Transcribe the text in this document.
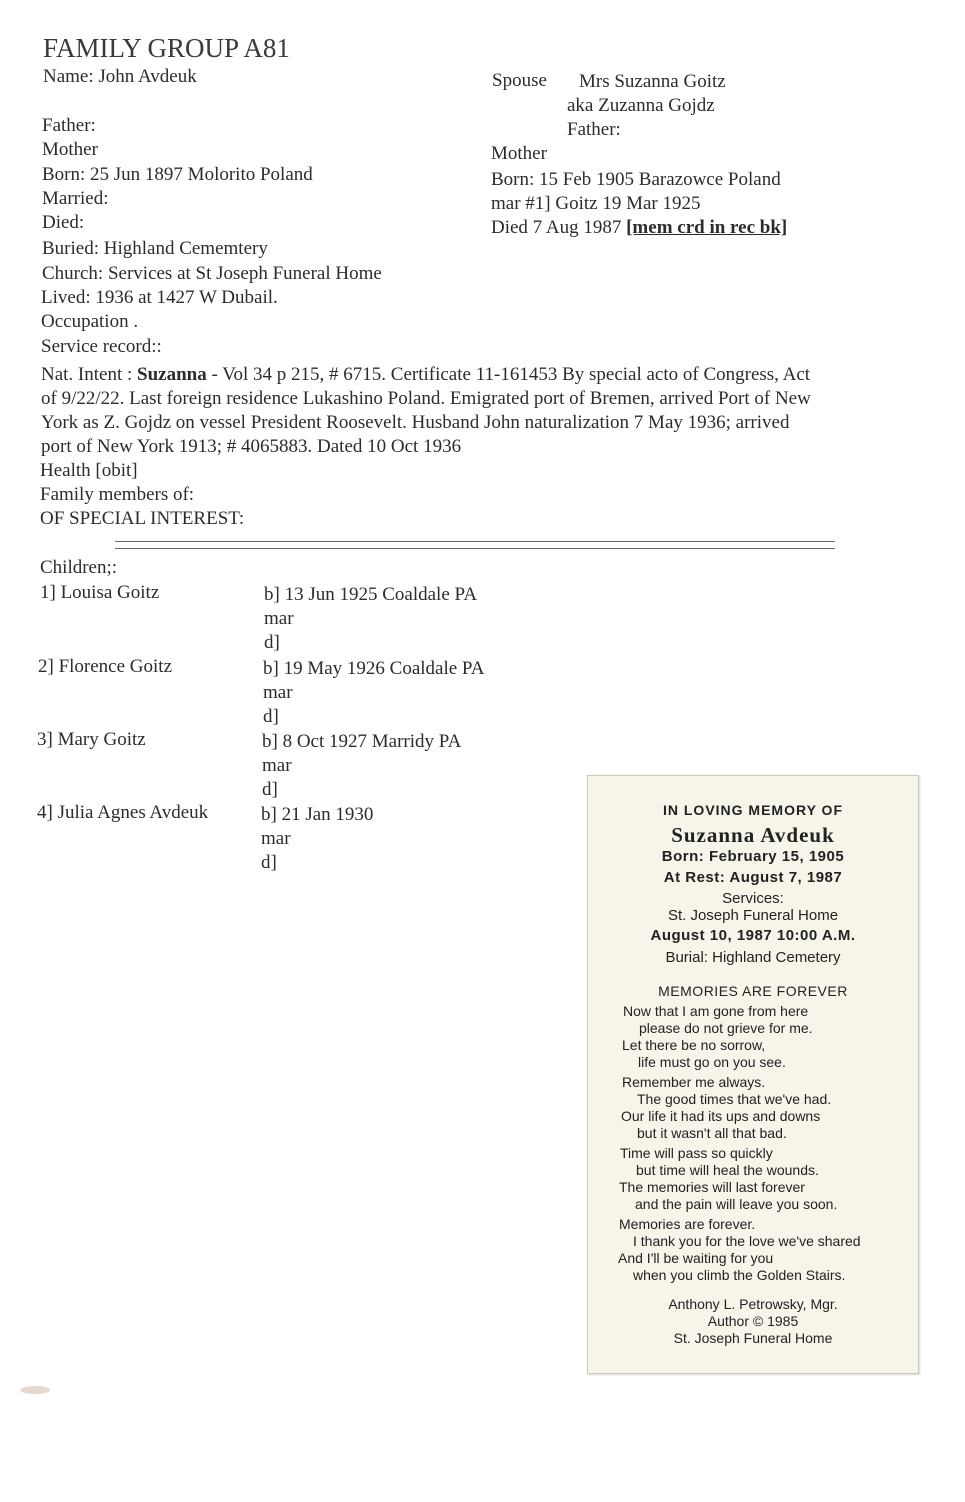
FAMILY GROUP A81
Name: John Avdeuk
Father:
Mother
Born: 25 Jun 1897 Molorito Poland
Married:
Died:
Buried: Highland Cememtery
Church: Services at St Joseph Funeral Home
Lived: 1936 at 1427 W Dubail.
Occupation .
Service record::
Spouse Mrs Suzanna Goitz
aka Zuzanna Gojdz
Father:
Mother
Born: 15 Feb 1905 Barazowce Poland
mar #1] Goitz 19 Mar 1925
Died 7 Aug 1987 [mem crd in rec bk]
Nat. Intent : Suzanna - Vol 34 p 215, # 6715. Certificate 11-161453 By special acto of Congress, Act
of 9/22/22. Last foreign residence Lukashino Poland. Emigrated port of Bremen, arrived Port of New
York as Z. Gojdz on vessel President Roosevelt. Husband John naturalization 7 May 1936; arrived
port of New York 1913; # 4065883. Dated 10 Oct 1936
Health [obit]
Family members of:
OF SPECIAL INTEREST:
Children;:
1] Louisa Goitz	b] 13 Jun 1925 Coaldale PA
mar
d]
2] Florence Goitz	b] 19 May 1926 Coaldale PA
mar
d]
3] Mary Goitz	b] 8 Oct 1927 Marridy PA
mar
d]
4] Julia Agnes Avdeuk	b] 21 Jan 1930
mar
d]
IN LOVING MEMORY OF
Suzanna Avdeuk
Born: February 15, 1905
At Rest: August 7, 1987
Services:
St. Joseph Funeral Home
August 10, 1987 10:00 A.M.
Burial: Highland Cemetery
MEMORIES ARE FOREVER
Now that I am gone from here
please do not grieve for me.
Let there be no sorrow,
life must go on you see.
Remember me always.
The good times that we've had.
Our life it had its ups and downs
but it wasn't all that bad.
Time will pass so quickly
but time will heal the wounds.
The memories will last forever
and the pain will leave you soon.
Memories are forever.
I thank you for the love we've shared
And I'll be waiting for you
when you climb the Golden Stairs.
Anthony L. Petrowsky, Mgr.
Author © 1985
St. Joseph Funeral Home
